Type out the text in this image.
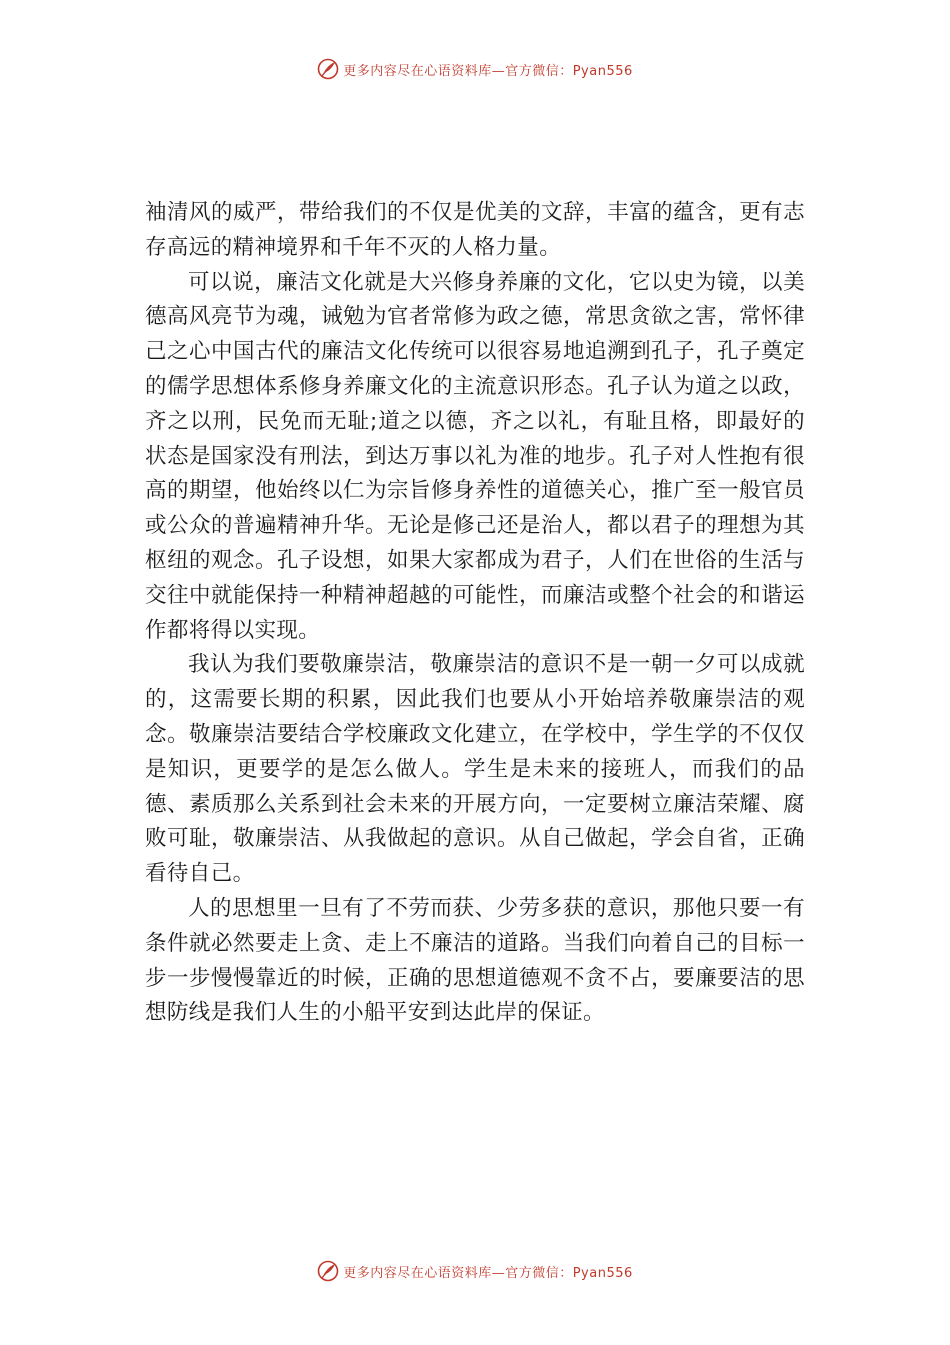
更多内容尽在心语资料库—官方微信：Pyan556

袖清风的威严，带给我们的不仅是优美的文辞，丰富的蕴含，更有志存高远的精神境界和千年不灭的人格力量。

可以说，廉洁文化就是大兴修身养廉的文化，它以史为镜，以美德高风亮节为魂，诫勉为官者常修为政之德，常思贪欲之害，常怀律己之心中国古代的廉洁文化传统可以很容易地追溯到孔子，孔子奠定的儒学思想体系修身养廉文化的主流意识形态。孔子认为道之以政，齐之以刑，民免而无耻;道之以德，齐之以礼，有耻且格，即最好的状态是国家没有刑法，到达万事以礼为准的地步。孔子对人性抱有很高的期望，他始终以仁为宗旨修身养性的道德关心，推广至一般官员或公众的普遍精神升华。无论是修己还是治人，都以君子的理想为其枢纽的观念。孔子设想，如果大家都成为君子，人们在世俗的生活与交往中就能保持一种精神超越的可能性，而廉洁或整个社会的和谐运作都将得以实现。

我认为我们要敬廉崇洁，敬廉崇洁的意识不是一朝一夕可以成就的，这需要长期的积累，因此我们也要从小开始培养敬廉崇洁的观念。敬廉崇洁要结合学校廉政文化建立，在学校中，学生学的不仅仅是知识，更要学的是怎么做人。学生是未来的接班人，而我们的品德、素质那么关系到社会未来的开展方向，一定要树立廉洁荣耀、腐败可耻，敬廉崇洁、从我做起的意识。从自己做起，学会自省，正确看待自己。

人的思想里一旦有了不劳而获、少劳多获的意识，那他只要一有条件就必然要走上贪、走上不廉洁的道路。当我们向着自己的目标一步一步慢慢靠近的时候，正确的思想道德观不贪不占，要廉要洁的思想防线是我们人生的小船平安到达此岸的保证。

更多内容尽在心语资料库—官方微信：Pyan556
